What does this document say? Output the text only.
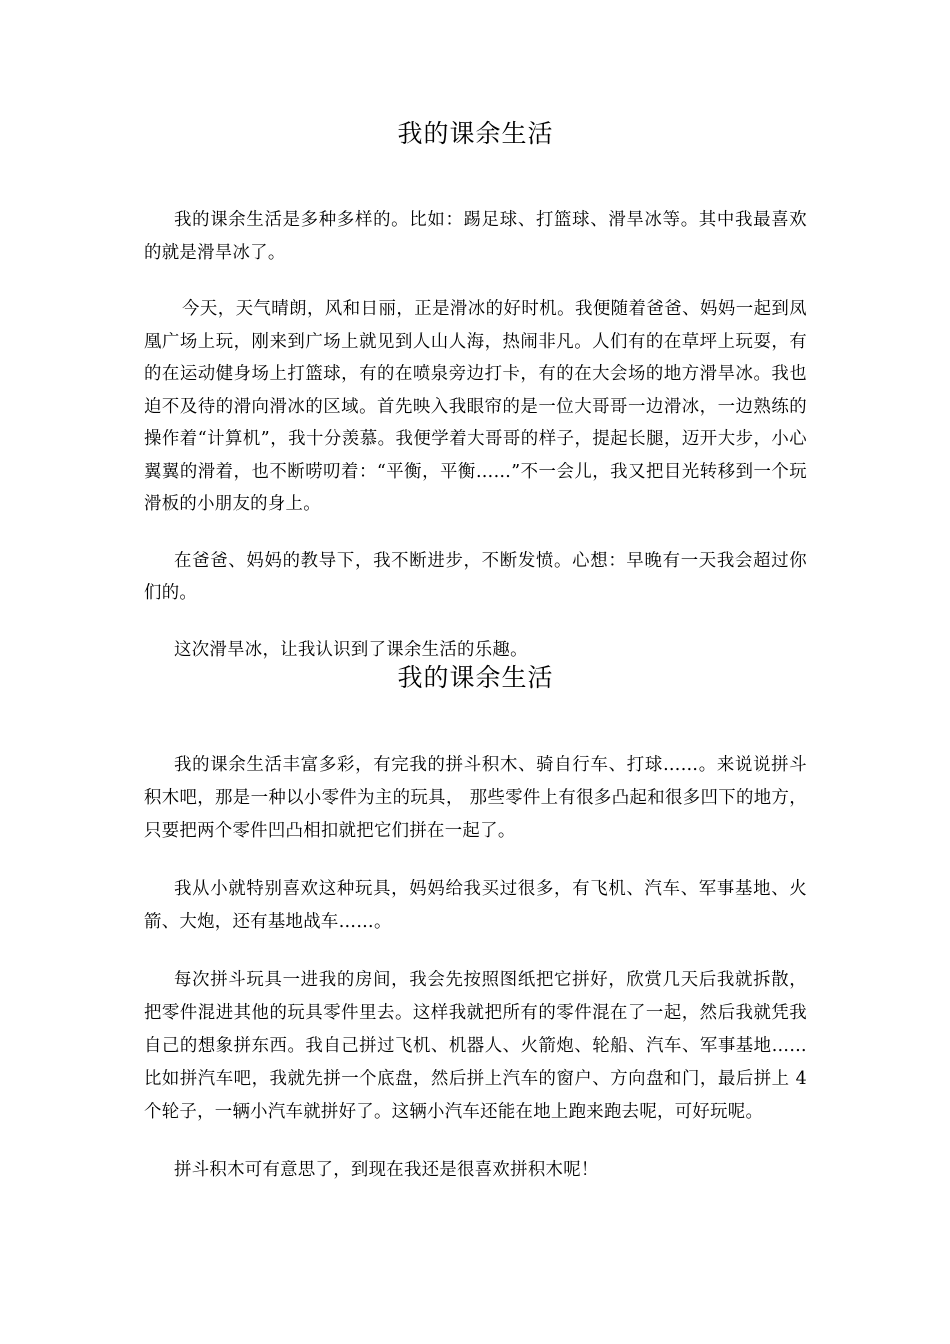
我的课余生活

我的课余生活是多种多样的。比如：踢足球、打篮球、滑旱冰等。其中我最喜欢的就是滑旱冰了。

今天，天气晴朗，风和日丽，正是滑冰的好时机。我便随着爸爸、妈妈一起到凤凰广场上玩，刚来到广场上就见到人山人海，热闹非凡。人们有的在草坪上玩耍，有的在运动健身场上打篮球，有的在喷泉旁边打卡，有的在大会场的地方滑旱冰。我也迫不及待的滑向滑冰的区域。首先映入我眼帘的是一位大哥哥一边滑冰，一边熟练的操作着“计算机”，我十分羡慕。我便学着大哥哥的样子，提起长腿，迈开大步，小心翼翼的滑着，也不断唠叨着：“平衡，平衡……”不一会儿，我又把目光转移到一个玩滑板的小朋友的身上。

在爸爸、妈妈的教导下，我不断进步，不断发愤。心想：早晚有一天我会超过你们的。

这次滑旱冰，让我认识到了课余生活的乐趣。

我的课余生活

我的课余生活丰富多彩，有完我的拼斗积木、骑自行车、打球……。来说说拼斗积木吧，那是一种以小零件为主的玩具， 那些零件上有很多凸起和很多凹下的地方，只要把两个零件凹凸相扣就把它们拼在一起了。

我从小就特别喜欢这种玩具，妈妈给我买过很多，有飞机、汽车、军事基地、火箭、大炮，还有基地战车……。

每次拼斗玩具一进我的房间，我会先按照图纸把它拼好，欣赏几天后我就拆散，把零件混进其他的玩具零件里去。这样我就把所有的零件混在了一起，然后我就凭我自己的想象拼东西。我自己拼过飞机、机器人、火箭炮、轮船、汽车、军事基地……比如拼汽车吧，我就先拼一个底盘，然后拼上汽车的窗户、方向盘和门，最后拼上 4 个轮子，一辆小汽车就拼好了。这辆小汽车还能在地上跑来跑去呢，可好玩呢。

拼斗积木可有意思了，到现在我还是很喜欢拼积木呢！
